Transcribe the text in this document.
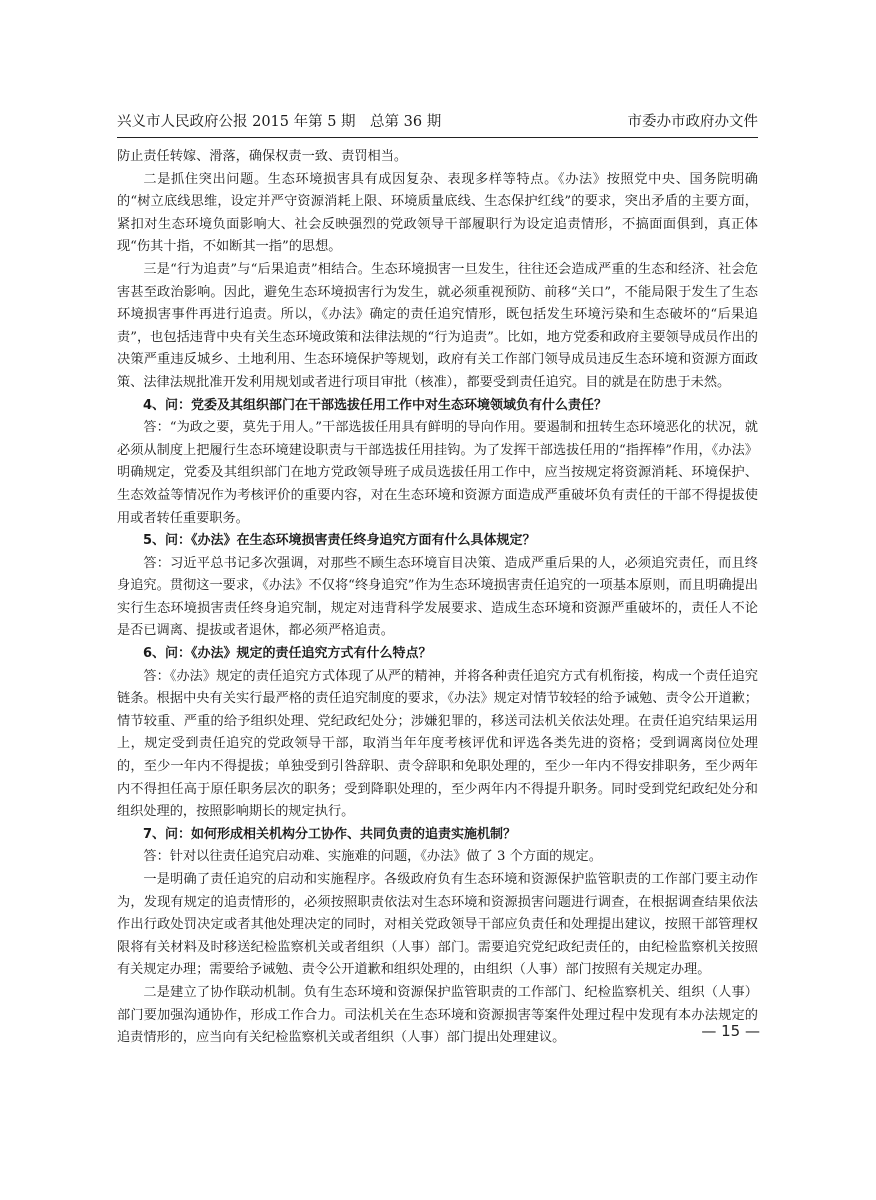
兴义市人民政府公报 2015 年第 5 期　总第 36 期	市委办市政府办文件

防止责任转嫁、滑落，确保权责一致、责罚相当。

二是抓住突出问题。生态环境损害具有成因复杂、表现多样等特点。《办法》按照党中央、国务院明确的“树立底线思维，设定并严守资源消耗上限、环境质量底线、生态保护红线”的要求，突出矛盾的主要方面，紧扣对生态环境负面影响大、社会反映强烈的党政领导干部履职行为设定追责情形，不搞面面俱到，真正体现“伤其十指，不如断其一指”的思想。

三是“行为追责”与“后果追责”相结合。生态环境损害一旦发生，往往还会造成严重的生态和经济、社会危害甚至政治影响。因此，避免生态环境损害行为发生，就必须重视预防、前移“关口”，不能局限于发生了生态环境损害事件再进行追责。所以，《办法》确定的责任追究情形，既包括发生环境污染和生态破坏的“后果追责”，也包括违背中央有关生态环境政策和法律法规的“行为追责”。比如，地方党委和政府主要领导成员作出的决策严重违反城乡、土地利用、生态环境保护等规划，政府有关工作部门领导成员违反生态环境和资源方面政策、法律法规批准开发利用规划或者进行项目审批（核准），都要受到责任追究。目的就是在防患于未然。

4、问：党委及其组织部门在干部选拔任用工作中对生态环境领域负有什么责任？

答：“为政之要，莫先于用人。”干部选拔任用具有鲜明的导向作用。要遏制和扭转生态环境恶化的状况，就必须从制度上把履行生态环境建设职责与干部选拔任用挂钩。为了发挥干部选拔任用的“指挥棒”作用，《办法》明确规定，党委及其组织部门在地方党政领导班子成员选拔任用工作中，应当按规定将资源消耗、环境保护、生态效益等情况作为考核评价的重要内容，对在生态环境和资源方面造成严重破坏负有责任的干部不得提拔使用或者转任重要职务。

5、问：《办法》在生态环境损害责任终身追究方面有什么具体规定？

答：习近平总书记多次强调，对那些不顾生态环境盲目决策、造成严重后果的人，必须追究责任，而且终身追究。贯彻这一要求，《办法》不仅将“终身追究”作为生态环境损害责任追究的一项基本原则，而且明确提出实行生态环境损害责任终身追究制，规定对违背科学发展要求、造成生态环境和资源严重破坏的，责任人不论是否已调离、提拔或者退休，都必须严格追责。

6、问：《办法》规定的责任追究方式有什么特点？

答：《办法》规定的责任追究方式体现了从严的精神，并将各种责任追究方式有机衔接，构成一个责任追究链条。根据中央有关实行最严格的责任追究制度的要求，《办法》规定对情节较轻的给予诫勉、责令公开道歉；情节较重、严重的给予组织处理、党纪政纪处分；涉嫌犯罪的，移送司法机关依法处理。在责任追究结果运用上，规定受到责任追究的党政领导干部，取消当年年度考核评优和评选各类先进的资格；受到调离岗位处理的，至少一年内不得提拔；单独受到引咎辞职、责令辞职和免职处理的，至少一年内不得安排职务，至少两年内不得担任高于原任职务层次的职务；受到降职处理的，至少两年内不得提升职务。同时受到党纪政纪处分和组织处理的，按照影响期长的规定执行。

7、问：如何形成相关机构分工协作、共同负责的追责实施机制？

答：针对以往责任追究启动难、实施难的问题，《办法》做了 3 个方面的规定。

一是明确了责任追究的启动和实施程序。各级政府负有生态环境和资源保护监管职责的工作部门要主动作为，发现有规定的追责情形的，必须按照职责依法对生态环境和资源损害问题进行调查，在根据调查结果依法作出行政处罚决定或者其他处理决定的同时，对相关党政领导干部应负责任和处理提出建议，按照干部管理权限将有关材料及时移送纪检监察机关或者组织（人事）部门。需要追究党纪政纪责任的，由纪检监察机关按照有关规定办理；需要给予诫勉、责令公开道歉和组织处理的，由组织（人事）部门按照有关规定办理。

二是建立了协作联动机制。负有生态环境和资源保护监管职责的工作部门、纪检监察机关、组织（人事）部门要加强沟通协作，形成工作合力。司法机关在生态环境和资源损害等案件处理过程中发现有本办法规定的追责情形的，应当向有关纪检监察机关或者组织（人事）部门提出处理建议。	— 15 —
